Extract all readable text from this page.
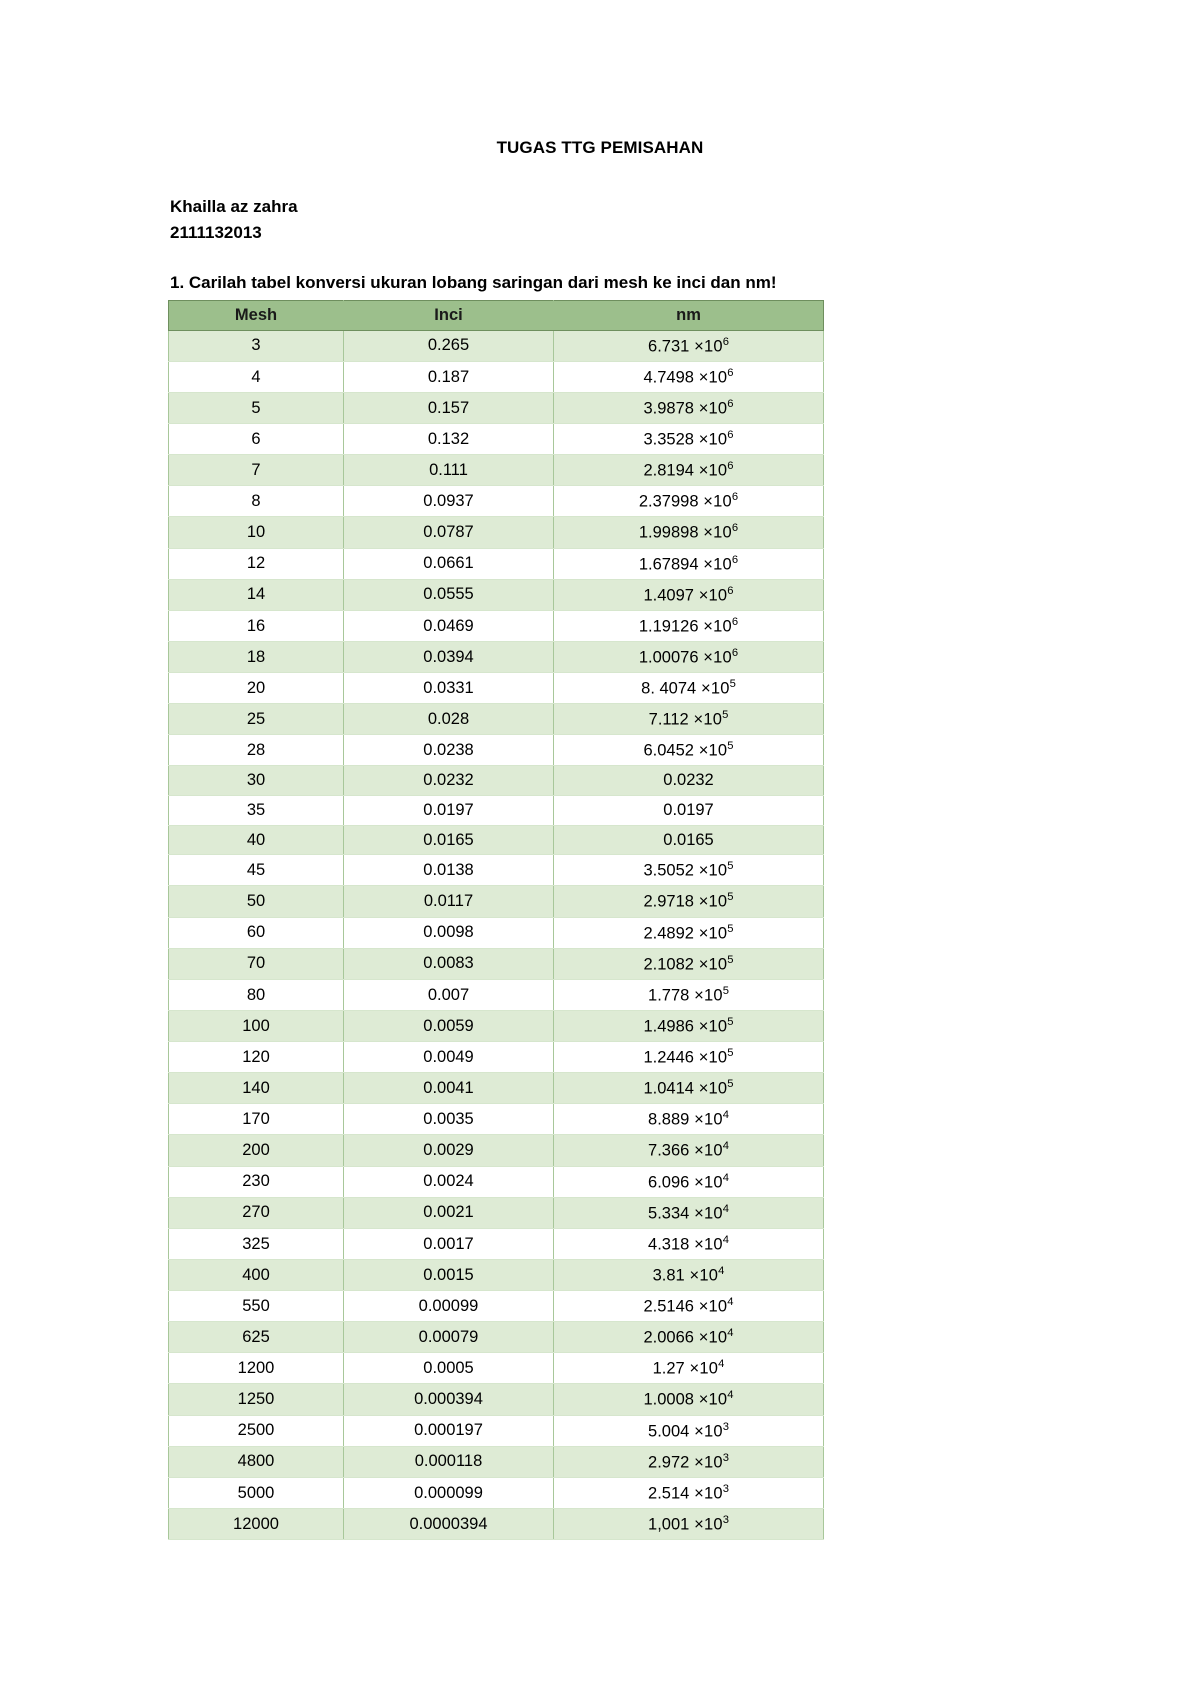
TUGAS TTG PEMISAHAN

Khailla az zahra

2111132013

1. Carilah tabel konversi ukuran lobang saringan dari mesh ke inci dan nm!

Mesh	Inci	nm
3	0.265	$6.731 \times 10^6$
4	0.187	$4.7498 \times 10^6$
5	0.157	$3.9878 \times 10^6$
6	0.132	$3.3528 \times 10^6$
7	0.111	$2.8194 \times 10^6$
8	0.0937	$2.37998 \times 10^6$
10	0.0787	$1.99898 \times 10^6$
12	0.0661	$1.67894 \times 10^6$
14	0.0555	$1.4097 \times 10^6$
16	0.0469	$1.19126 \times 10^6$
18	0.0394	$1.00076 \times 10^6$
20	0.0331	8. $4074 \times 10^5$
25	0.028	$7.112 \times 10^5$
28	0.0238	$6.0452 \times 10^5$
30	0.0232	0.0232
35	0.0197	0.0197
40	0.0165	0.0165
45	0.0138	$3.5052 \times 10^5$
50	0.0117	$2.9718 \times 10^5$
60	0.0098	$2.4892 \times 10^5$
70	0.0083	$2.1082 \times 10^5$
80	0.007	$1.778 \times 10^5$
100	0.0059	$1.4986 \times 10^5$
120	0.0049	$1.2446 \times 10^5$
140	0.0041	$1.0414 \times 10^5$
170	0.0035	$8.889 \times 10^4$
200	0.0029	$7.366 \times 10^4$
230	0.0024	$6.096 \times 10^4$
270	0.0021	$5.334 \times 10^4$
325	0.0017	$4.318 \times 10^4$
400	0.0015	$3.81 \times 10^4$
550	0.00099	$2.5146 \times 10^4$
625	0.00079	$2.0066 \times 10^4$
1200	0.0005	$1.27 \times 10^4$
1250	0.000394	$1.0008 \times 10^4$
2500	0.000197	$5.004 \times 10^3$
4800	0.000118	$2.972 \times 10^3$
5000	0.000099	$2.514 \times 10^3$
12000	0.0000394	$1,001 \times 10^3$
